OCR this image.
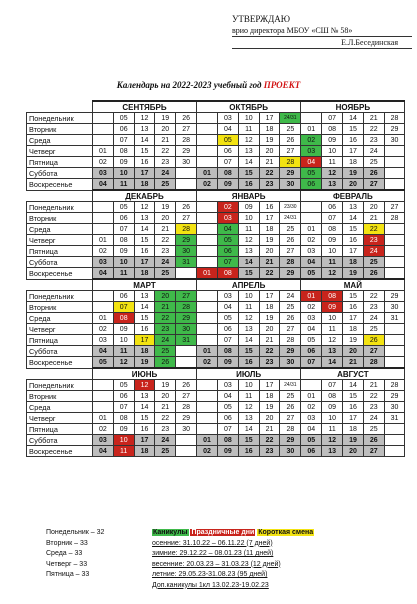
УТВЕРЖДАЮ
врио директора МБОУ «СШ № 58»
Е.Л.Бесединская
Календарь на 2022-2023 учебный год ПРОЕКТ
	СЕНТЯБРЬ					ОКТЯБРЬ					НОЯБРЬ				
Понедельник		05	12	19	26		03	10	17	24/31		07	14	21	28
Вторник		06	13	20	27		04	11	18	25	01	08	15	22	29
Среда		07	14	21	28		05	12	19	26	02	09	16	23	30
Четверг	01	08	15	22	29		06	13	20	27	03	10	17	24	
Пятница	02	09	16	23	30		07	14	21	28	04	11	18	25	
Суббота	03	10	17	24		01	08	15	22	29	05	12	19	26	
Воскресенье	04	11	18	25		02	09	16	23	30	06	13	20	27	
	ДЕКАБРЬ					ЯНВАРЬ					ФЕВРАЛЬ				
Понедельник		05	12	19	26		02	09	16	23/30		06	13	20	27
Вторник		06	13	20	27		03	10	17	24/31		07	14	21	28
Среда		07	14	21	28		04	11	18	25	01	08	15	22	
Четверг	01	08	15	22	29		05	12	19	26	02	09	16	23	
Пятница	02	09	16	23	30		06	13	20	27	03	10	17	24	
Суббота	03	10	17	24	31		07	14	21	28	04	11	18	25	
Воскресенье	04	11	18	25		01	08	15	22	29	05	12	19	26	
	МАРТ					АПРЕЛЬ					МАЙ				
Понедельник		06	13	20	27		03	10	17	24	01	08	15	22	29
Вторник		07	14	21	28		04	11	18	25	02	09	16	23	30
Среда	01	08	15	22	29		05	12	19	26	03	10	17	24	31
Четверг	02	09	16	23	30		06	13	20	27	04	11	18	25	
Пятница	03	10	17	24	31		07	14	21	28	05	12	19	26	
Суббота	04	11	18	25		01	08	15	22	29	06	13	20	27	
Воскресенье	05	12	19	26		02	09	16	23	30	07	14	21	28	
	ИЮНЬ					ИЮЛЬ					АВГУСТ				
Понедельник		05	12	19	26		03	10	17	24/31		07	14	21	28
Вторник		06	13	20	27		04	11	18	25	01	08	15	22	29
Среда		07	14	21	28		05	12	19	26	02	09	16	23	30
Четверг	01	08	15	22	29		06	13	20	27	03	10	17	24	31
Пятница	02	09	16	23	30		07	14	21	28	04	11	18	25	
Суббота	03	10	17	24		01	08	15	22	29	05	12	19	26	
Воскресенье	04	11	18	25		02	09	16	23	30	06	13	20	27	
Понедельник – 32
Вторник – 33
Среда – 33
Четверг – 33
Пятница – 33
Каникулы Праздничные дни Короткая смена
осенние: 31.10.22 – 06.11.22 (7 дней)
зимние: 29.12.22 – 08.01.23 (11 дней)
весенние: 20.03.23 – 31.03.23 (12 дней)
летние: 29.05.23-31.08.23 (95 дней)
Доп.каникулы 1кл 13.02.23-19.02.23
